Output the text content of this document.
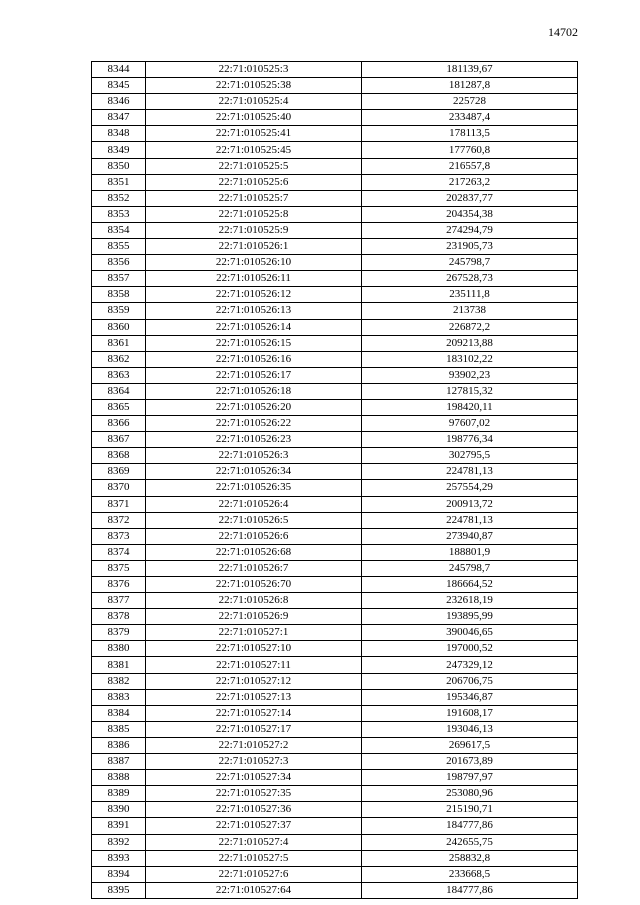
14702
8344	22:71:010525:3	181139,67
8345	22:71:010525:38	181287,8
8346	22:71:010525:4	225728
8347	22:71:010525:40	233487,4
8348	22:71:010525:41	178113,5
8349	22:71:010525:45	177760,8
8350	22:71:010525:5	216557,8
8351	22:71:010525:6	217263,2
8352	22:71:010525:7	202837,77
8353	22:71:010525:8	204354,38
8354	22:71:010525:9	274294,79
8355	22:71:010526:1	231905,73
8356	22:71:010526:10	245798,7
8357	22:71:010526:11	267528,73
8358	22:71:010526:12	235111,8
8359	22:71:010526:13	213738
8360	22:71:010526:14	226872,2
8361	22:71:010526:15	209213,88
8362	22:71:010526:16	183102,22
8363	22:71:010526:17	93902,23
8364	22:71:010526:18	127815,32
8365	22:71:010526:20	198420,11
8366	22:71:010526:22	97607,02
8367	22:71:010526:23	198776,34
8368	22:71:010526:3	302795,5
8369	22:71:010526:34	224781,13
8370	22:71:010526:35	257554,29
8371	22:71:010526:4	200913,72
8372	22:71:010526:5	224781,13
8373	22:71:010526:6	273940,87
8374	22:71:010526:68	188801,9
8375	22:71:010526:7	245798,7
8376	22:71:010526:70	186664,52
8377	22:71:010526:8	232618,19
8378	22:71:010526:9	193895,99
8379	22:71:010527:1	390046,65
8380	22:71:010527:10	197000,52
8381	22:71:010527:11	247329,12
8382	22:71:010527:12	206706,75
8383	22:71:010527:13	195346,87
8384	22:71:010527:14	191608,17
8385	22:71:010527:17	193046,13
8386	22:71:010527:2	269617,5
8387	22:71:010527:3	201673,89
8388	22:71:010527:34	198797,97
8389	22:71:010527:35	253080,96
8390	22:71:010527:36	215190,71
8391	22:71:010527:37	184777,86
8392	22:71:010527:4	242655,75
8393	22:71:010527:5	258832,8
8394	22:71:010527:6	233668,5
8395	22:71:010527:64	184777,86
